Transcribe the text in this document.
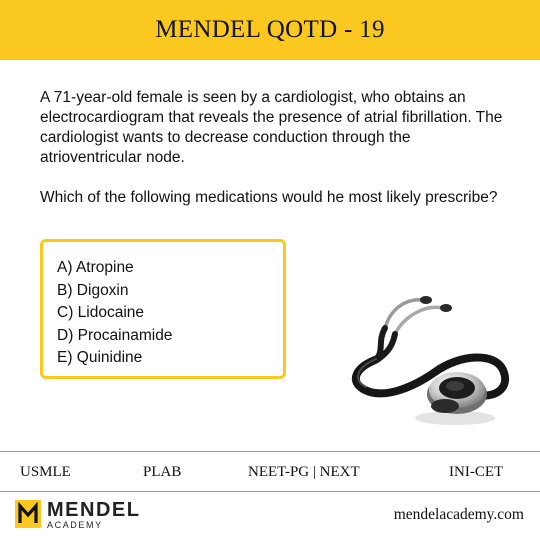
MENDEL QOTD - 19

A 71-year-old female is seen by a cardiologist, who obtains an electrocardiogram that reveals the presence of atrial fibrillation. The cardiologist wants to decrease conduction through the atrioventricular node.

Which of the following medications would he most likely prescribe?

A) Atropine
B) Digoxin
C) Lidocaine
D) Procainamide
E) Quinidine
USMLE	PLAB	NEET-PG | NEXT	INI-CET
MENDEL
ACADEMY
mendelacademy.com
